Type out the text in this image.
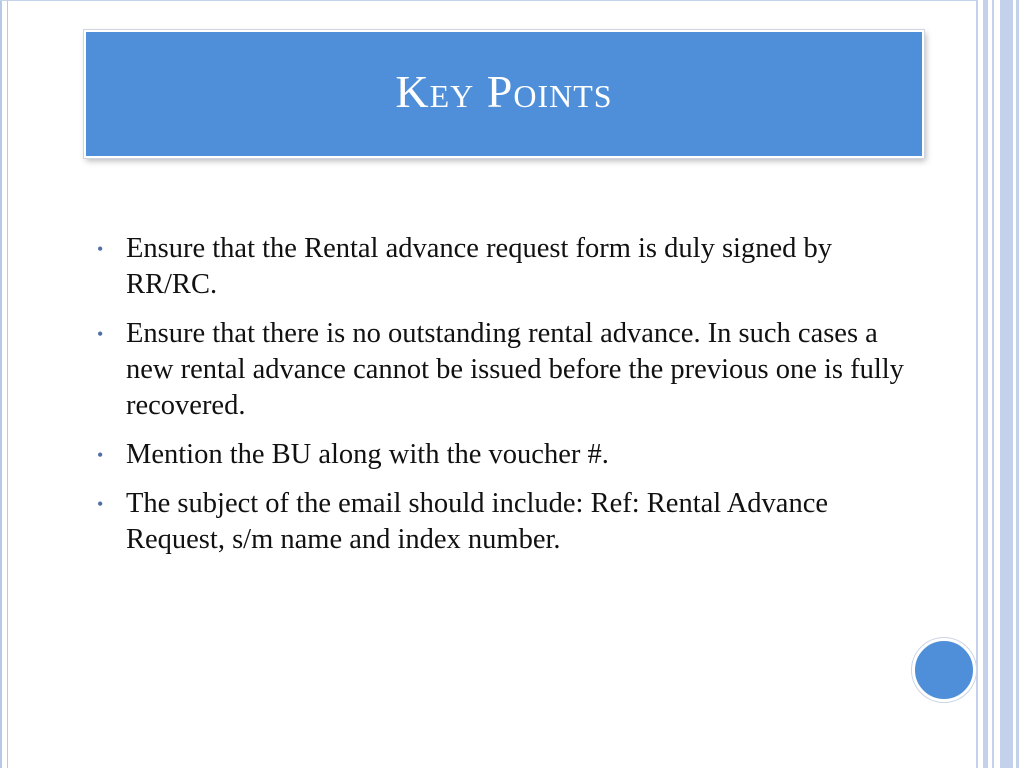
Key Points
• Ensure that the Rental advance request form is duly signed by RR/RC.
• Ensure that there is no outstanding rental advance. In such cases a new rental advance cannot be issued before the previous one is fully recovered.
• Mention the BU along with the voucher #.
• The subject of the email should include: Ref: Rental Advance Request, s/m name and index number.
